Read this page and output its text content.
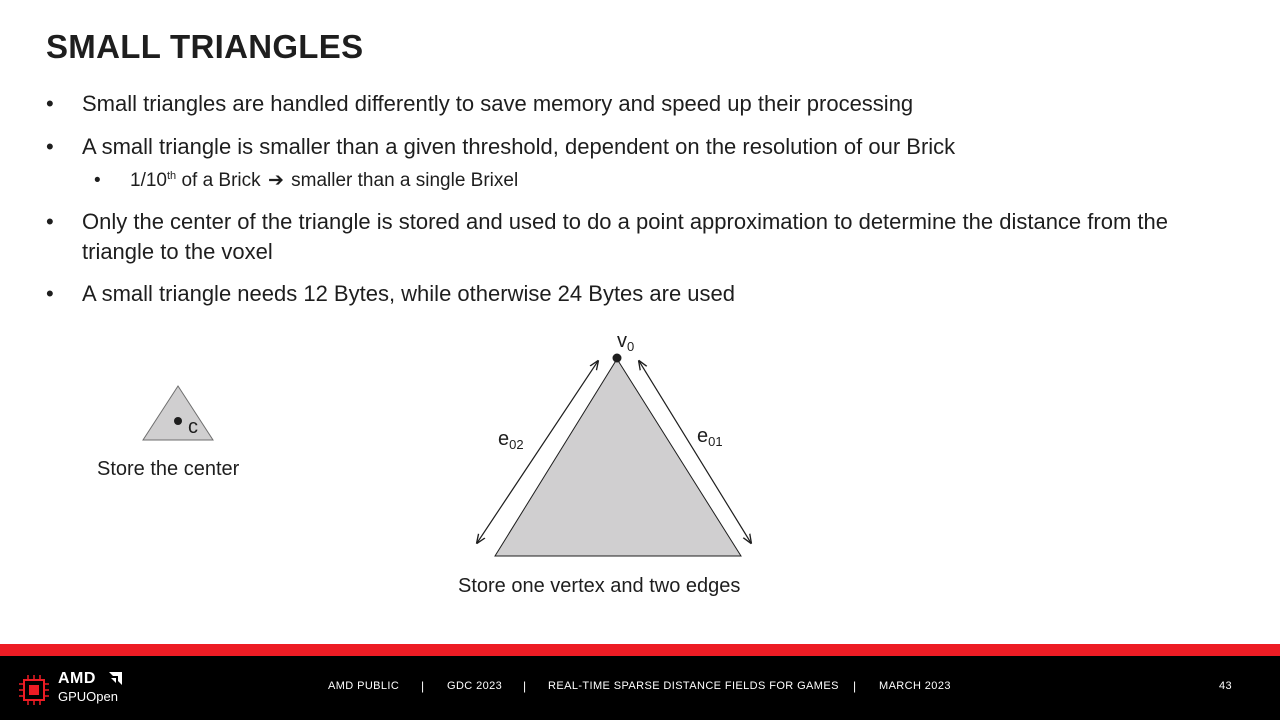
SMALL TRIANGLES
•	Small triangles are handled differently to save memory and speed up their processing
•	A small triangle is smaller than a given threshold, dependent on the resolution of our Brick
• 1/10th of a Brick ➔ smaller than a single Brixel
•	Only the center of the triangle is stored and used to do a point approximation to determine the distance from the triangle to the voxel
•	A small triangle needs 12 Bytes, while otherwise 24 Bytes are used
c
Store the center
$v_0$
$e_{02}$	$e_{01}$
Store one vertex and two edges
AMD
GPUOpen
AMD PUBLIC | GDC 2023 | REAL-TIME SPARSE DISTANCE FIELDS FOR GAMES | MARCH 2023	43
